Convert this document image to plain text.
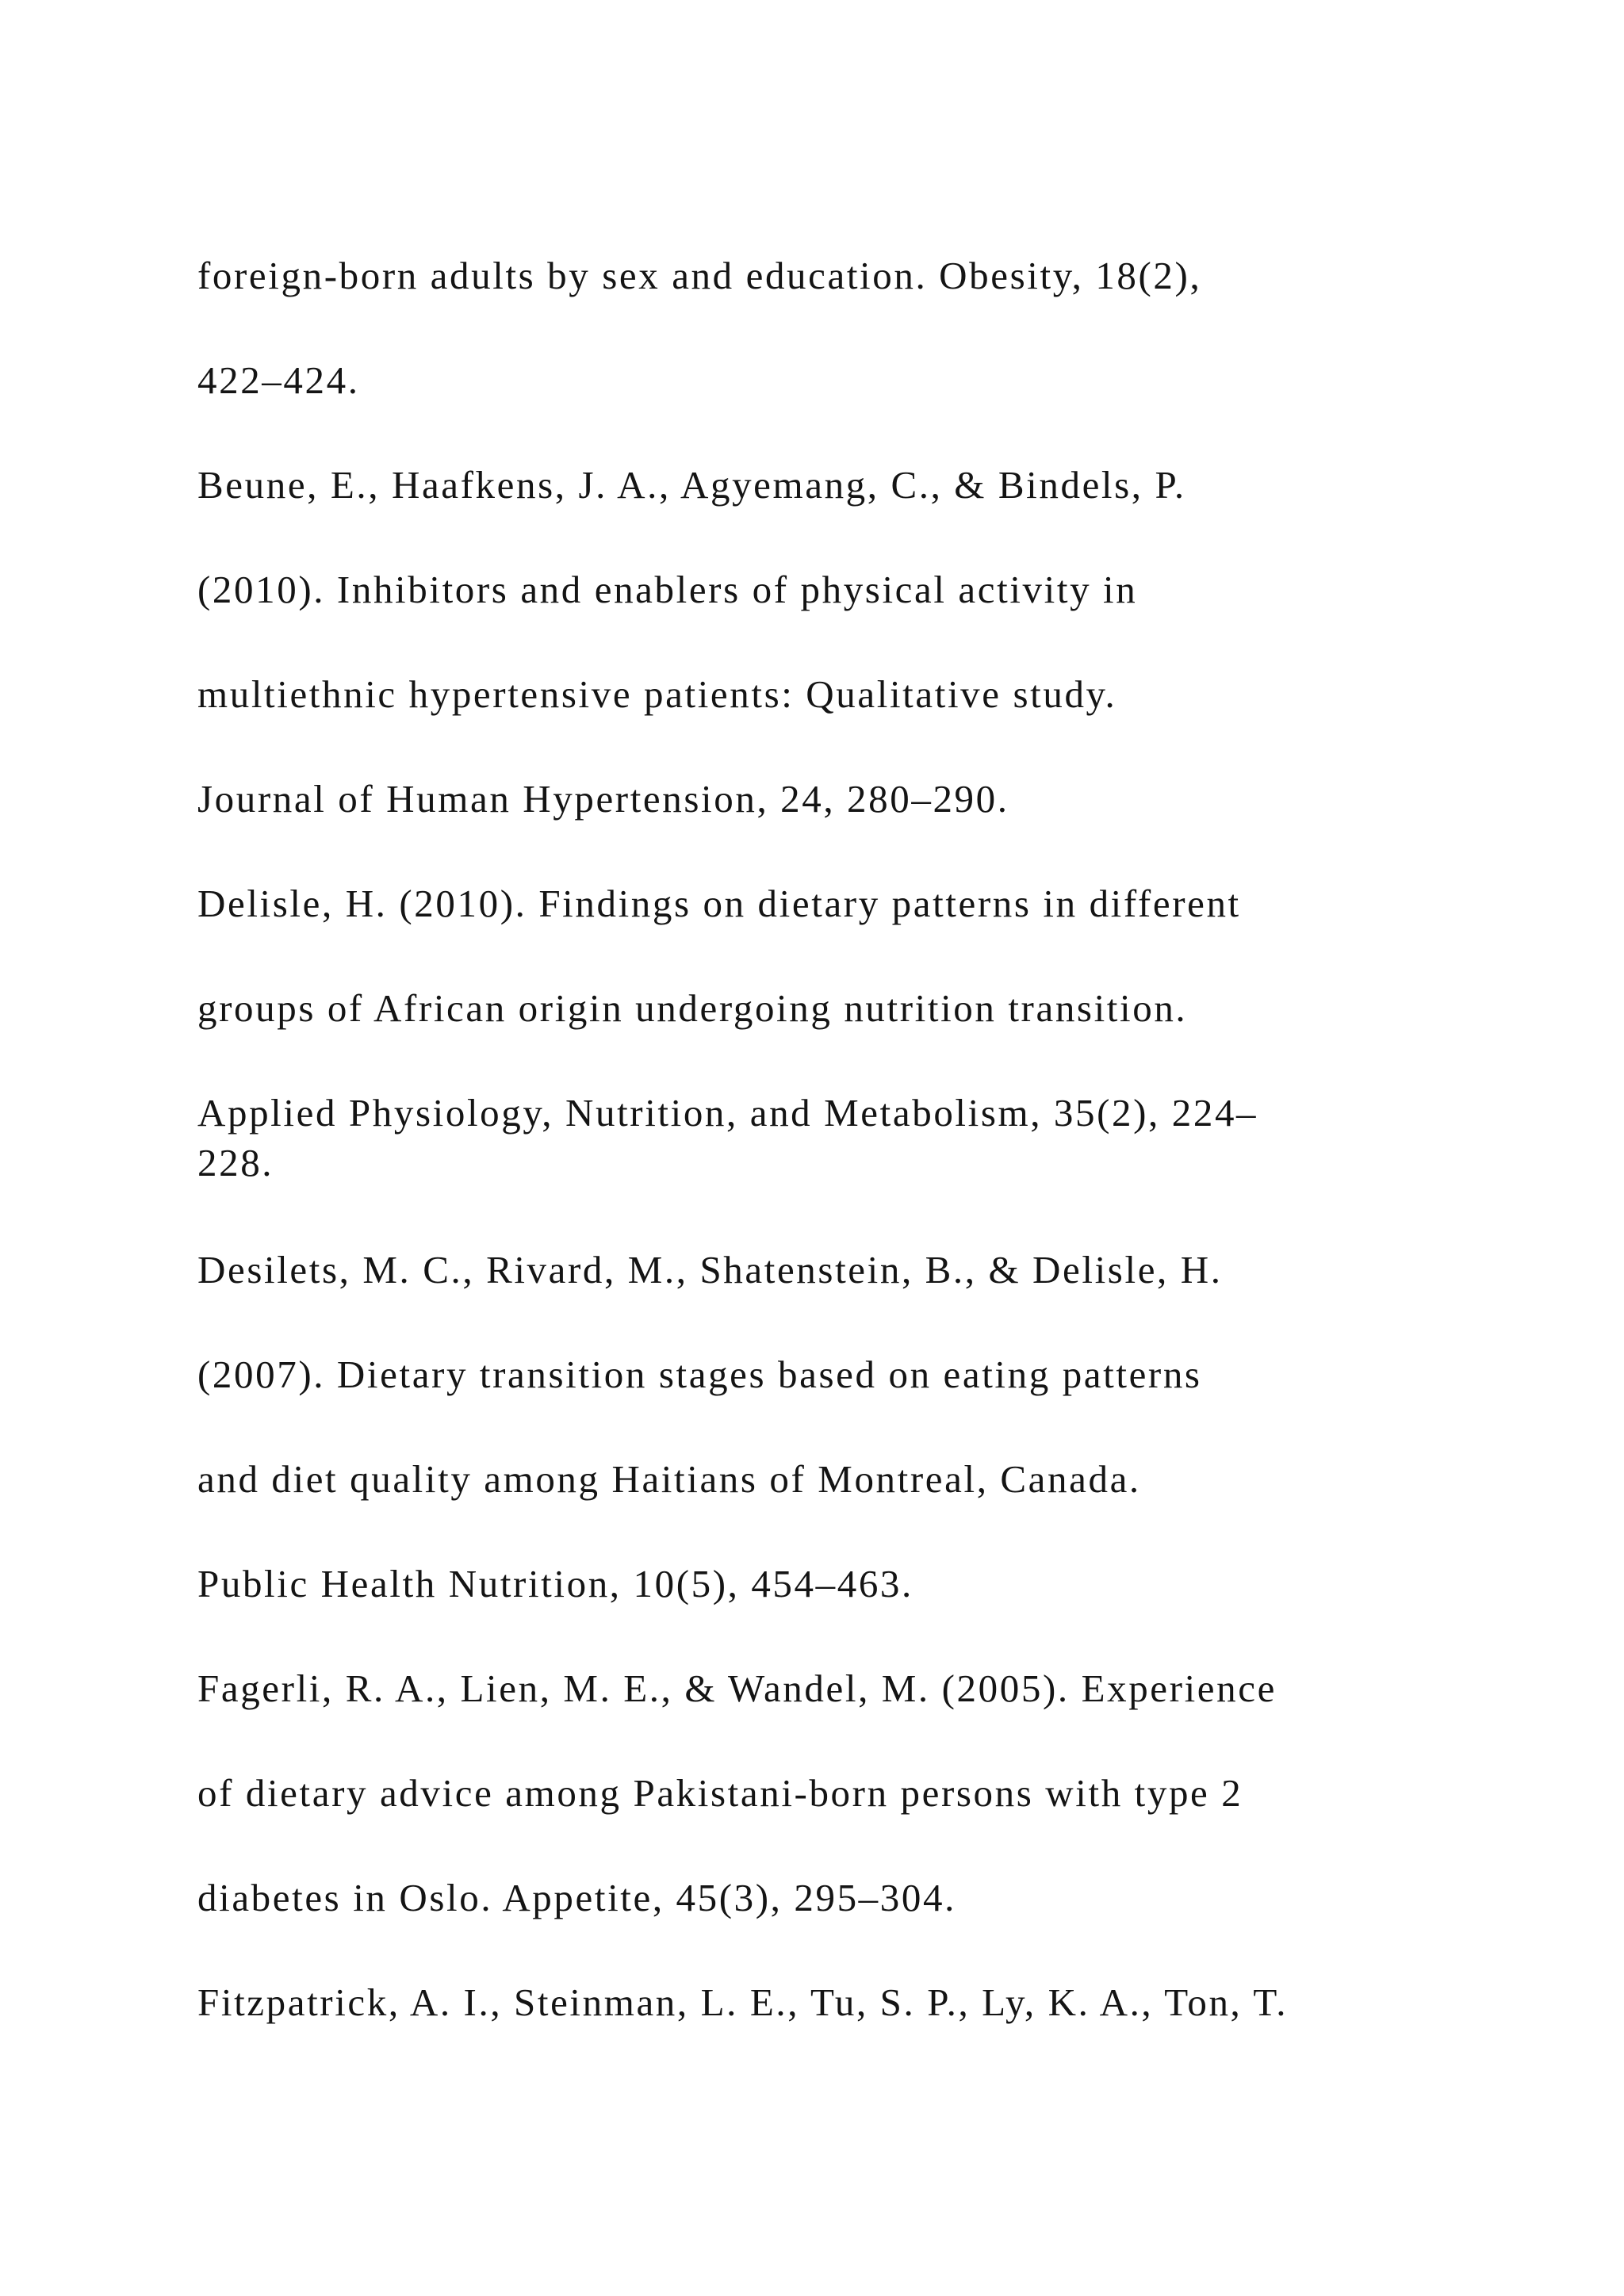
foreign-born adults by sex and education. Obesity, 18(2),

422–424.

Beune, E., Haafkens, J. A., Agyemang, C., & Bindels, P.

(2010). Inhibitors and enablers of physical activity in

multiethnic hypertensive patients: Qualitative study.

Journal of Human Hypertension, 24, 280–290.

Delisle, H. (2010). Findings on dietary patterns in different

groups of African origin undergoing nutrition transition.

Applied Physiology, Nutrition, and Metabolism, 35(2), 224–

228.

Desilets, M. C., Rivard, M., Shatenstein, B., & Delisle, H.

(2007). Dietary transition stages based on eating patterns

and diet quality among Haitians of Montreal, Canada.

Public Health Nutrition, 10(5), 454–463.

Fagerli, R. A., Lien, M. E., & Wandel, M. (2005). Experience

of dietary advice among Pakistani-born persons with type 2

diabetes in Oslo. Appetite, 45(3), 295–304.

Fitzpatrick, A. I., Steinman, L. E., Tu, S. P., Ly, K. A., Ton, T.
